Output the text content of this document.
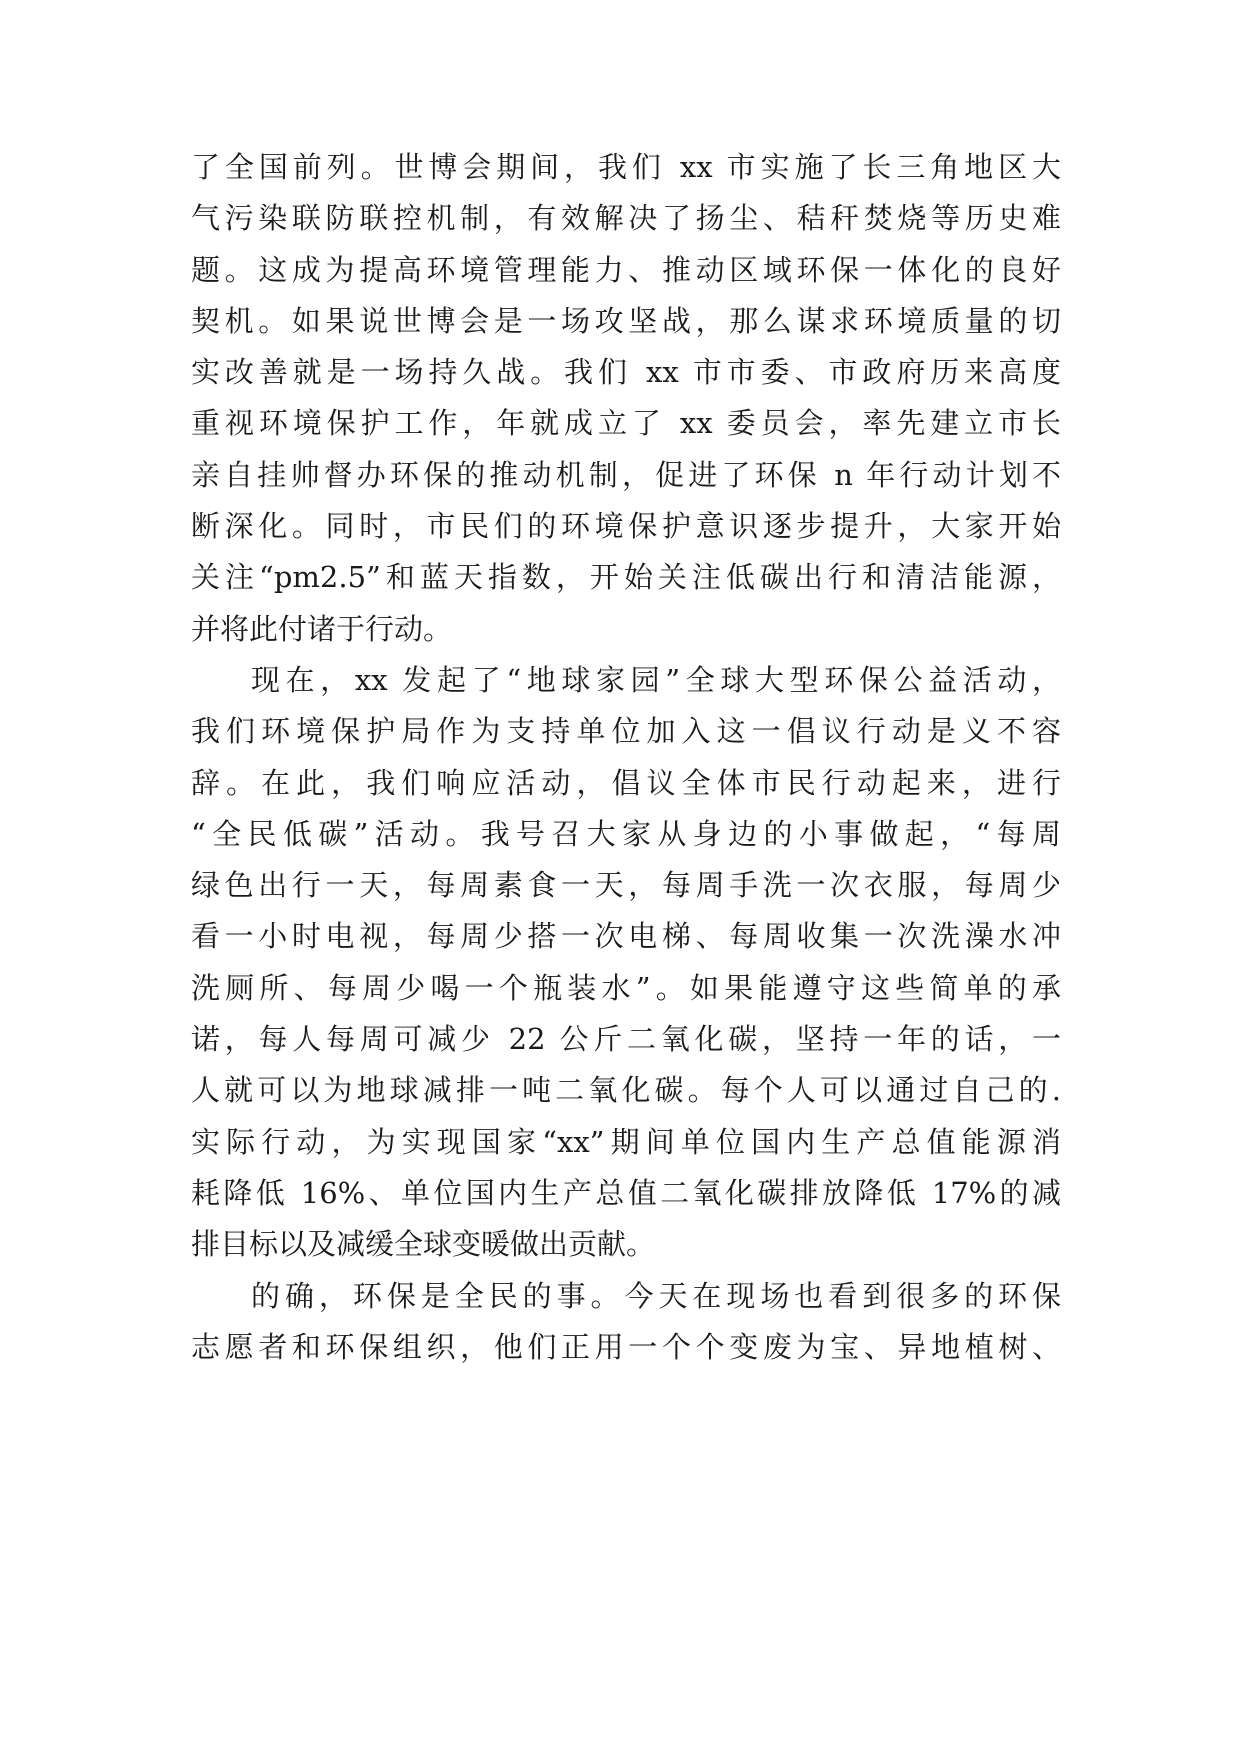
了全国前列。世博会期间，我们 xx 市实施了长三角地区大
气污染联防联控机制，有效解决了扬尘、秸秆焚烧等历史难
题。这成为提高环境管理能力、推动区域环保一体化的良好
契机。如果说世博会是一场攻坚战，那么谋求环境质量的切
实改善就是一场持久战。我们 xx 市市委、市政府历来高度
重视环境保护工作，年就成立了 xx 委员会，率先建立市长
亲自挂帅督办环保的推动机制，促进了环保 n 年行动计划不
断深化。同时，市民们的环境保护意识逐步提升，大家开始
关注“pm2.5”和蓝天指数，开始关注低碳出行和清洁能源，
并将此付诸于行动。
现在，xx 发起了“地球家园”全球大型环保公益活动，
我们环境保护局作为支持单位加入这一倡议行动是义不容
辞。在此，我们响应活动，倡议全体市民行动起来，进行
“全民低碳”活动。我号召大家从身边的小事做起，“每周
绿色出行一天，每周素食一天，每周手洗一次衣服，每周少
看一小时电视，每周少搭一次电梯、每周收集一次洗澡水冲
洗厕所、每周少喝一个瓶装水”。如果能遵守这些简单的承
诺，每人每周可减少 22 公斤二氧化碳，坚持一年的话，一
人就可以为地球减排一吨二氧化碳。每个人可以通过自己的.
实际行动，为实现国家“xx”期间单位国内生产总值能源消
耗降低 16%、单位国内生产总值二氧化碳排放降低 17%的减
排目标以及减缓全球变暖做出贡献。
的确，环保是全民的事。今天在现场也看到很多的环保
志愿者和环保组织，他们正用一个个变废为宝、异地植树、
